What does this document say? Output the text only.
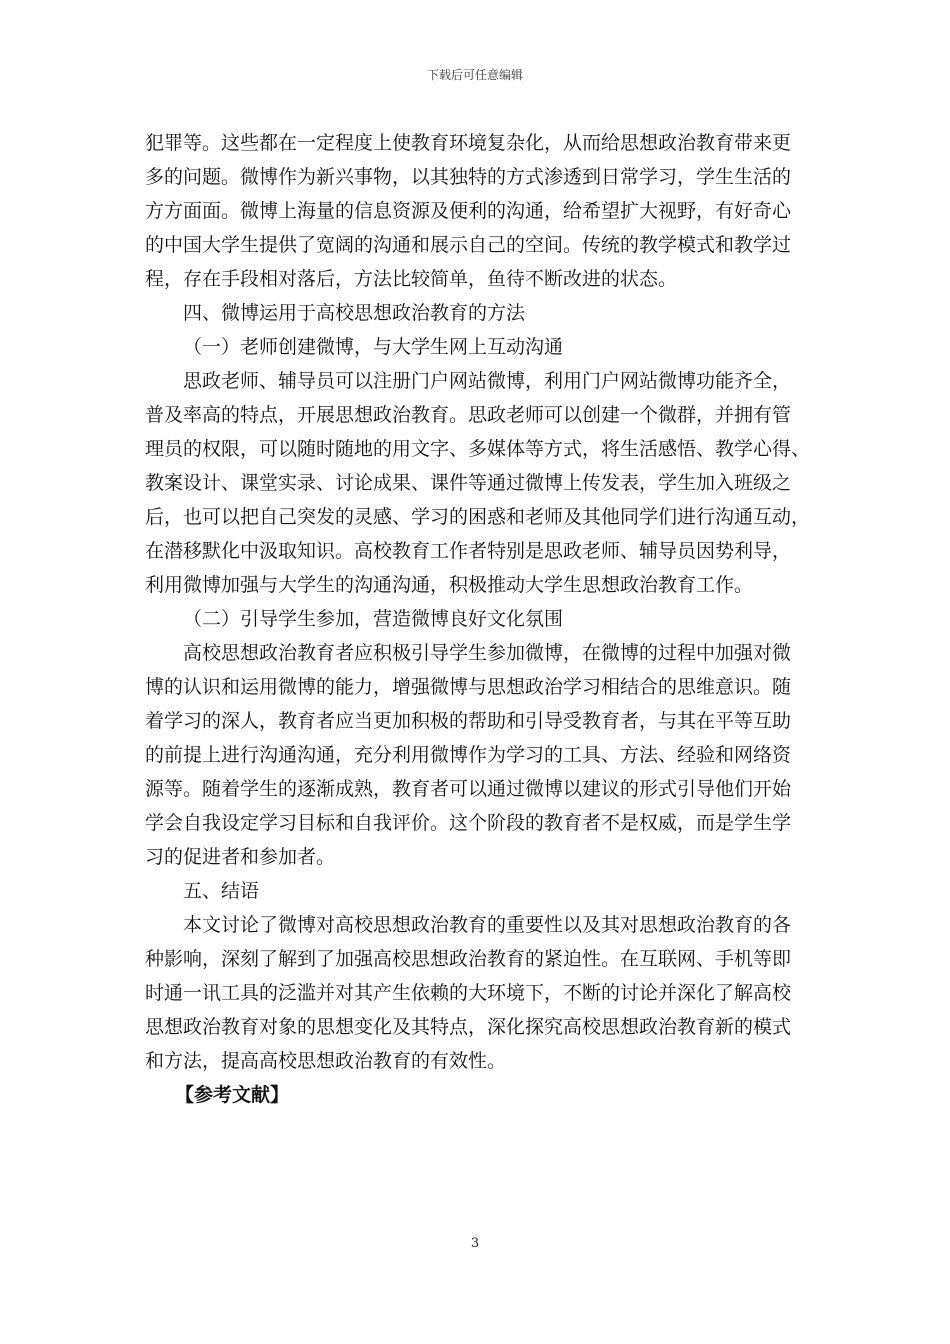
下载后可任意编辑
犯罪等。这些都在一定程度上使教育环境复杂化，从而给思想政治教育带来更
多的问题。微博作为新兴事物，以其独特的方式渗透到日常学习，学生生活的
方方面面。微博上海量的信息资源及便利的沟通，给希望扩大视野，有好奇心
的中国大学生提供了宽阔的沟通和展示自己的空间。传统的教学模式和教学过
程，存在手段相对落后，方法比较简单，鱼待不断改进的状态。
四、微博运用于高校思想政治教育的方法
（一）老师创建微博，与大学生网上互动沟通
思政老师、辅导员可以注册门户网站微博，利用门户网站微博功能齐全，
普及率高的特点，开展思想政治教育。思政老师可以创建一个微群，并拥有管
理员的权限，可以随时随地的用文字、多媒体等方式，将生活感悟、教学心得、
教案设计、课堂实录、讨论成果、课件等通过微博上传发表，学生加入班级之
后，也可以把自己突发的灵感、学习的困惑和老师及其他同学们进行沟通互动，
在潜移默化中汲取知识。高校教育工作者特别是思政老师、辅导员因势利导，
利用微博加强与大学生的沟通沟通，积极推动大学生思想政治教育工作。
（二）引导学生参加，营造微博良好文化氛围
高校思想政治教育者应积极引导学生参加微博，在微博的过程中加强对微
博的认识和运用微博的能力，增强微博与思想政治学习相结合的思维意识。随
着学习的深人，教育者应当更加积极的帮助和引导受教育者，与其在平等互助
的前提上进行沟通沟通，充分利用微博作为学习的工具、方法、经验和网络资
源等。随着学生的逐渐成熟，教育者可以通过微博以建议的形式引导他们开始
学会自我设定学习目标和自我评价。这个阶段的教育者不是权威，而是学生学
习的促进者和参加者。
五、结语
本文讨论了微博对高校思想政治教育的重要性以及其对思想政治教育的各
种影响，深刻了解到了加强高校思想政治教育的紧迫性。在互联网、手机等即
时通一讯工具的泛滥并对其产生依赖的大环境下，不断的讨论并深化了解高校
思想政治教育对象的思想变化及其特点，深化探究高校思想政治教育新的模式
和方法，提高高校思想政治教育的有效性。
【参考文献】
3
